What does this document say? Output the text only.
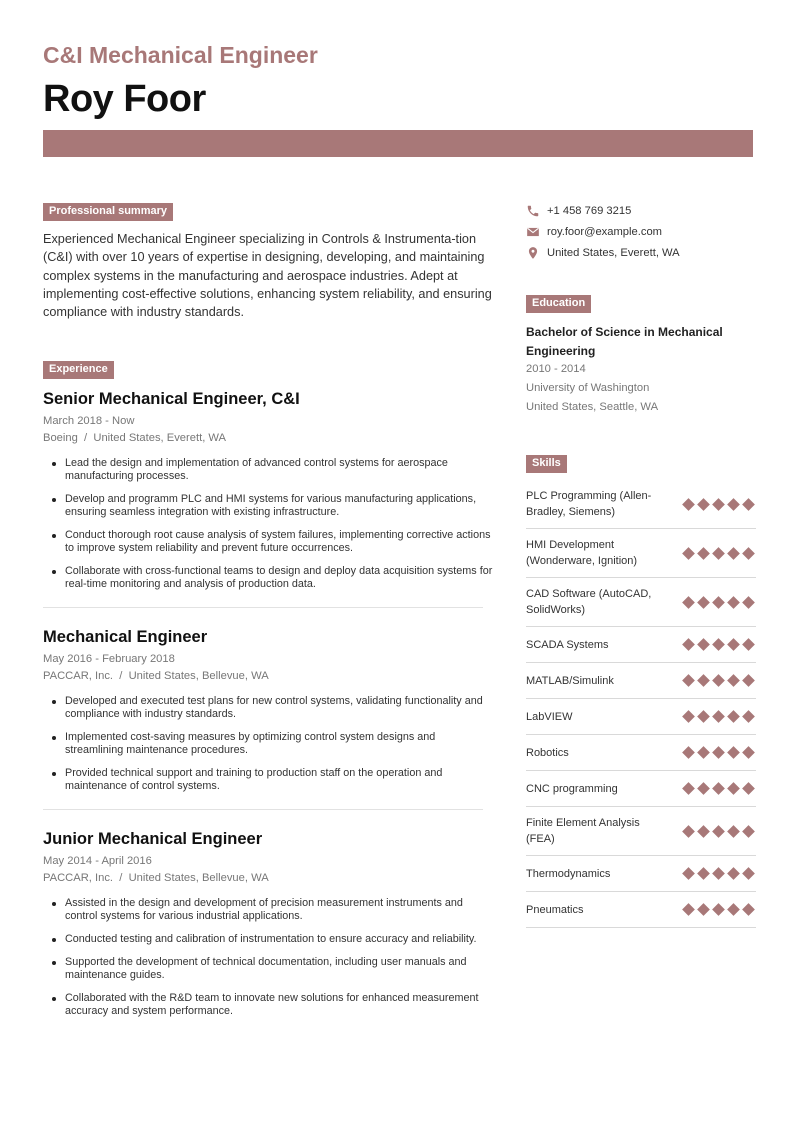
C&I Mechanical Engineer
Roy Foor
Professional summary
Experienced Mechanical Engineer specializing in Controls & Instrumenta-tion (C&I) with over 10 years of expertise in designing, developing, and maintaining complex systems in the manufacturing and aerospace industries. Adept at implementing cost-effective solutions, enhancing system reliability, and ensuring compliance with industry standards.
Experience
Senior Mechanical Engineer, C&I
March 2018 - Now
Boeing  /  United States, Everett, WA
Lead the design and implementation of advanced control systems for aerospace manufacturing processes.
Develop and programm PLC and HMI systems for various manufacturing applications, ensuring seamless integration with existing infrastructure.
Conduct thorough root cause analysis of system failures, implementing corrective actions to improve system reliability and prevent future occurrences.
Collaborate with cross-functional teams to design and deploy data acquisition systems for real-time monitoring and analysis of production data.
Mechanical Engineer
May 2016 - February 2018
PACCAR, Inc.  /  United States, Bellevue, WA
Developed and executed test plans for new control systems, validating functionality and compliance with industry standards.
Implemented cost-saving measures by optimizing control system designs and streamlining maintenance procedures.
Provided technical support and training to production staff on the operation and maintenance of control systems.
Junior Mechanical Engineer
May 2014 - April 2016
PACCAR, Inc.  /  United States, Bellevue, WA
Assisted in the design and development of precision measurement instruments and control systems for various industrial applications.
Conducted testing and calibration of instrumentation to ensure accuracy and reliability.
Supported the development of technical documentation, including user manuals and maintenance guides.
Collaborated with the R&D team to innovate new solutions for enhanced measurement accuracy and system performance.
+1 458 769 3215
roy.foor@example.com
United States, Everett, WA
Education
Bachelor of Science in Mechanical Engineering
2010 - 2014
University of Washington
United States, Seattle, WA
Skills
PLC Programming (Allen-Bradley, Siemens)
HMI Development (Wonderware, Ignition)
CAD Software (AutoCAD, SolidWorks)
SCADA Systems
MATLAB/Simulink
LabVIEW
Robotics
CNC programming
Finite Element Analysis (FEA)
Thermodynamics
Pneumatics
